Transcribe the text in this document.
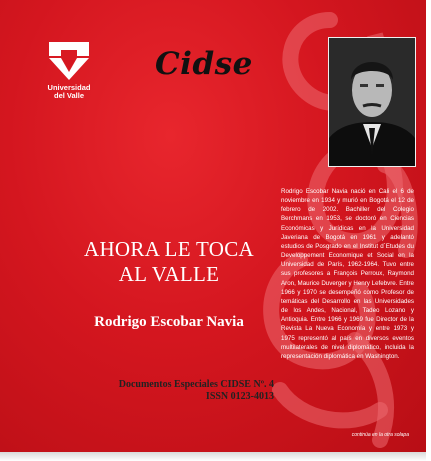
Universidad
del Valle
Cidse
Rodrigo Escobar Navia nació en Cali el 6 de noviembre en 1934 y murió en Bogotá el 12 de febrero de 2002. Bachiller del Colegio Berchmans en 1953, se doctoró en Ciencias Económicas y Jurídicas en la Universidad Javeriana de Bogotá en 1961 y adelantó estudios de Posgrado en el Institut d´Etudes du Developpement Economique et Social en la Universidad de París, 1962-1964. Tuvo entre sus profesores a François Perroux, Raymond Aron, Maurice Duverger y Henry Lefebvre. Entre 1966 y 1970 se desempeñó como Profesor de temáticas del Desarrollo en las Universidades de los Andes, Nacional, Tadeo Lozano y Antioquia. Entre 1966 y 1969 fue Director de la Revista La Nueva Economía y entre 1973 y 1975 representó al país en diversos eventos multilaterales de nivel diplomático, incluida la representación diplomática en Washington.
continúa en la otra solapa
AHORA LE TOCA
AL VALLE
Rodrigo Escobar Navia
Documentos Especiales CIDSE Nº. 4
ISSN 0123-4013
